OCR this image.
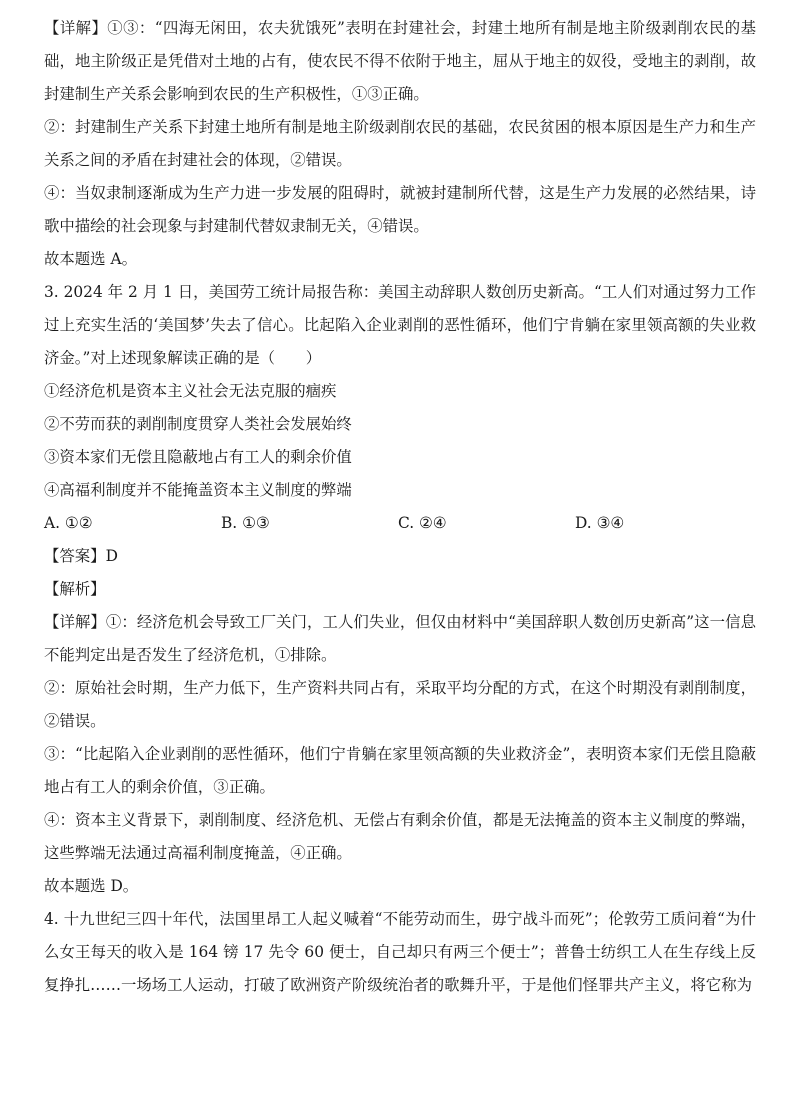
【详解】①③：“四海无闲田，农夫犹饿死”表明在封建社会，封建土地所有制是地主阶级剥削农民的基础，地主阶级正是凭借对土地的占有，使农民不得不依附于地主，屈从于地主的奴役，受地主的剥削，故封建制生产关系会影响到农民的生产积极性，①③正确。

②：封建制生产关系下封建土地所有制是地主阶级剥削农民的基础，农民贫困的根本原因是生产力和生产关系之间的矛盾在封建社会的体现，②错误。

④：当奴隶制逐渐成为生产力进一步发展的阻碍时，就被封建制所代替，这是生产力发展的必然结果，诗歌中描绘的社会现象与封建制代替奴隶制无关，④错误。

故本题选 A。

3. 2024 年 2 月 1 日，美国劳工统计局报告称：美国主动辞职人数创历史新高。“工人们对通过努力工作过上充实生活的‘美国梦’失去了信心。比起陷入企业剥削的恶性循环，他们宁肯躺在家里领高额的失业救济金。”对上述现象解读正确的是（　　）

①经济危机是资本主义社会无法克服的痼疾

②不劳而获的剥削制度贯穿人类社会发展始终

③资本家们无偿且隐蔽地占有工人的剩余价值

④高福利制度并不能掩盖资本主义制度的弊端

A. ①②	B. ①③	C. ②④	D. ③④

【答案】D

【解析】

【详解】①：经济危机会导致工厂关门，工人们失业，但仅由材料中“美国辞职人数创历史新高”这一信息不能判定出是否发生了经济危机，①排除。

②：原始社会时期，生产力低下，生产资料共同占有，采取平均分配的方式，在这个时期没有剥削制度，②错误。

③：“比起陷入企业剥削的恶性循环，他们宁肯躺在家里领高额的失业救济金”，表明资本家们无偿且隐蔽地占有工人的剩余价值，③正确。

④：资本主义背景下，剥削制度、经济危机、无偿占有剩余价值，都是无法掩盖的资本主义制度的弊端，这些弊端无法通过高福利制度掩盖，④正确。

故本题选 D。

4. 十九世纪三四十年代，法国里昂工人起义喊着“不能劳动而生，毋宁战斗而死”；伦敦劳工质问着“为什么女王每天的收入是 164 镑 17 先令 60 便士，自己却只有两三个便士”；普鲁士纺织工人在生存线上反复挣扎……一场场工人运动，打破了欧洲资产阶级统治者的歌舞升平，于是他们怪罪共产主义，将它称为
